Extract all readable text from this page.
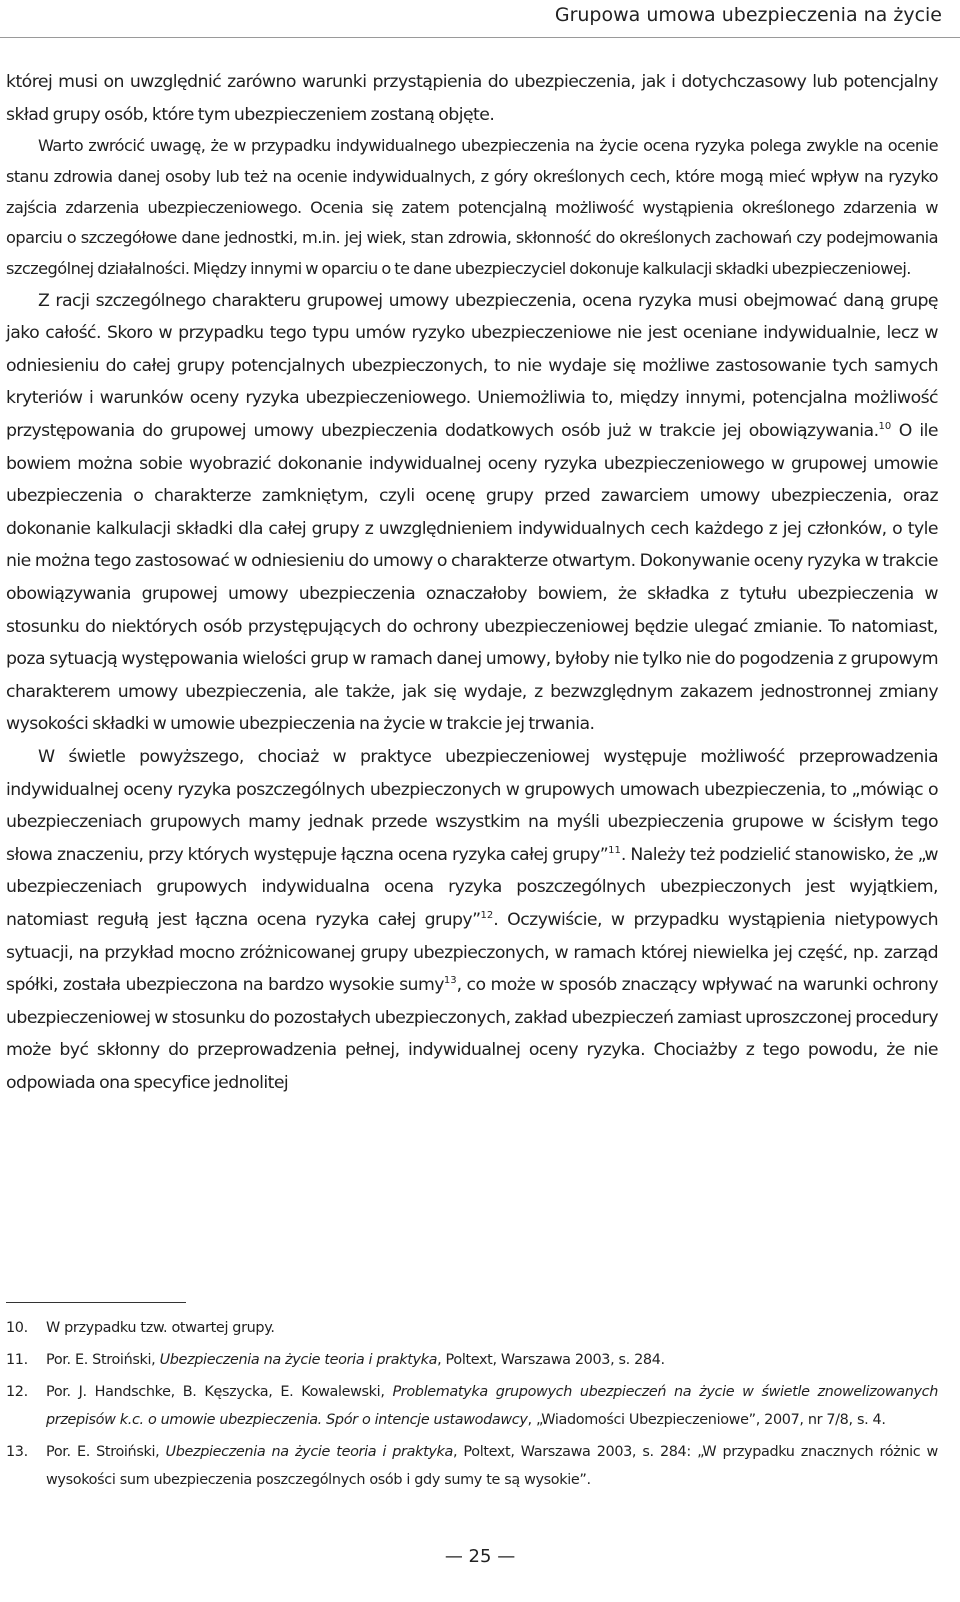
Grupowa umowa ubezpieczenia na życie

której musi on uwzględnić zarówno warunki przystąpienia do ubezpieczenia, jak i dotychczasowy lub potencjalny skład grupy osób, które tym ubezpieczeniem zostaną objęte.

Warto zwrócić uwagę, że w przypadku indywidualnego ubezpieczenia na życie ocena ryzyka polega zwykle na ocenie stanu zdrowia danej osoby lub też na ocenie indywidualnych, z góry określonych cech, które mogą mieć wpływ na ryzyko zajścia zdarzenia ubezpieczeniowego. Ocenia się zatem potencjalną możliwość wystąpienia określonego zdarzenia w oparciu o szczegółowe dane jednostki, m.in. jej wiek, stan zdrowia, skłonność do określonych zachowań czy podejmowania szczególnej działalności. Między innymi w oparciu o te dane ubezpieczyciel dokonuje kalkulacji składki ubezpieczeniowej.

Z racji szczególnego charakteru grupowej umowy ubezpieczenia, ocena ryzyka musi obejmować daną grupę jako całość. Skoro w przypadku tego typu umów ryzyko ubezpieczeniowe nie jest oceniane indywidualnie, lecz w odniesieniu do całej grupy potencjalnych ubezpieczonych, to nie wydaje się możliwe zastosowanie tych samych kryteriów i warunków oceny ryzyka ubezpieczeniowego. Uniemożliwia to, między innymi, potencjalna możliwość przystępowania do grupowej umowy ubezpieczenia dodatkowych osób już w trakcie jej obowiązywania.$^{10}$ O ile bowiem można sobie wyobrazić dokonanie indywidualnej oceny ryzyka ubezpieczeniowego w grupowej umowie ubezpieczenia o charakterze zamkniętym, czyli ocenę grupy przed zawarciem umowy ubezpieczenia, oraz dokonanie kalkulacji składki dla całej grupy z uwzględnieniem indywidualnych cech każdego z jej członków, o tyle nie można tego zastosować w odniesieniu do umowy o charakterze otwartym. Dokonywanie oceny ryzyka w trakcie obowiązywania grupowej umowy ubezpieczenia oznaczałoby bowiem, że składka z tytułu ubezpieczenia w stosunku do niektórych osób przystępujących do ochrony ubezpieczeniowej będzie ulegać zmianie. To natomiast, poza sytuacją występowania wielości grup w ramach danej umowy, byłoby nie tylko nie do pogodzenia z grupowym charakterem umowy ubezpieczenia, ale także, jak się wydaje, z bezwzględnym zakazem jednostronnej zmiany wysokości składki w umowie ubezpieczenia na życie w trakcie jej trwania.

W świetle powyższego, chociaż w praktyce ubezpieczeniowej występuje możliwość przeprowadzenia indywidualnej oceny ryzyka poszczególnych ubezpieczonych w grupowych umowach ubezpieczenia, to „mówiąc o ubezpieczeniach grupowych mamy jednak przede wszystkim na myśli ubezpieczenia grupowe w ścisłym tego słowa znaczeniu, przy których występuje łączna ocena ryzyka całej grupy”$^{11}$. Należy też podzielić stanowisko, że „w ubezpieczeniach grupowych indywidualna ocena ryzyka poszczególnych ubezpieczonych jest wyjątkiem, natomiast regułą jest łączna ocena ryzyka całej grupy”$^{12}$. Oczywiście, w przypadku wystąpienia nietypowych sytuacji, na przykład mocno zróżnicowanej grupy ubezpieczonych, w ramach której niewielka jej część, np. zarząd spółki, została ubezpieczona na bardzo wysokie sumy$^{13}$, co może w sposób znaczący wpływać na warunki ochrony ubezpieczeniowej w stosunku do pozostałych ubezpieczonych, zakład ubezpieczeń zamiast uproszczonej procedury może być skłonny do przeprowadzenia pełnej, indywidualnej oceny ryzyka. Chociażby z tego powodu, że nie odpowiada ona specyfice jednolitej

10. W przypadku tzw. otwartej grupy.
11. Por. E. Stroiński, Ubezpieczenia na życie teoria i praktyka, Poltext, Warszawa 2003, s. 284.
12. Por. J. Handschke, B. Kęszycka, E. Kowalewski, Problematyka grupowych ubezpieczeń na życie w świetle znowelizowanych przepisów k.c. o umowie ubezpieczenia. Spór o intencje ustawodawcy, „Wiadomości Ubezpieczeniowe”, 2007, nr 7/8, s. 4.
13. Por. E. Stroiński, Ubezpieczenia na życie teoria i praktyka, Poltext, Warszawa 2003, s. 284: „W przypadku znacznych różnic w wysokości sum ubezpieczenia poszczególnych osób i gdy sumy te są wysokie”.
— 25 —
